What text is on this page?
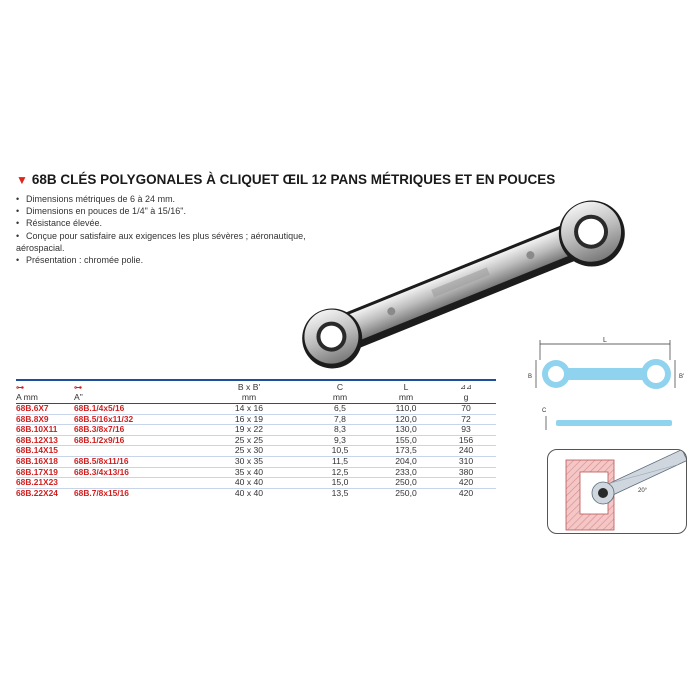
▼ 68B CLÉS POLYGONALES À CLIQUET ŒIL 12 PANS MÉTRIQUES ET EN POUCES
• Dimensions métriques de 6 à 24 mm.
• Dimensions en pouces de 1/4" à 15/16".
• Résistance élevée.
• Conçue pour satisfaire aux exigences les plus sévères ; aéronautique, aérospacial.
• Présentation : chromée polie.
L
B	B'
C
⊶	⊶	B x B'	C	L	⊿⊿
A mm	A"	mm	mm	mm	g
68B.6X7	68B.1/4x5/16	14 x 16	6,5	110,0	70
68B.8X9	68B.5/16x11/32	16 x 19	7,8	120,0	72
68B.10X11	68B.3/8x7/16	19 x 22	8,3	130,0	93
68B.12X13	68B.1/2x9/16	25 x 25	9,3	155,0	156
68B.14X15		25 x 30	10,5	173,5	240
68B.16X18	68B.5/8x11/16	30 x 35	11,5	204,0	310
68B.17X19	68B.3/4x13/16	35 x 40	12,5	233,0	380
68B.21X23		40 x 40	15,0	250,0	420
68B.22X24	68B.7/8x15/16	40 x 40	13,5	250,0	420	20°
